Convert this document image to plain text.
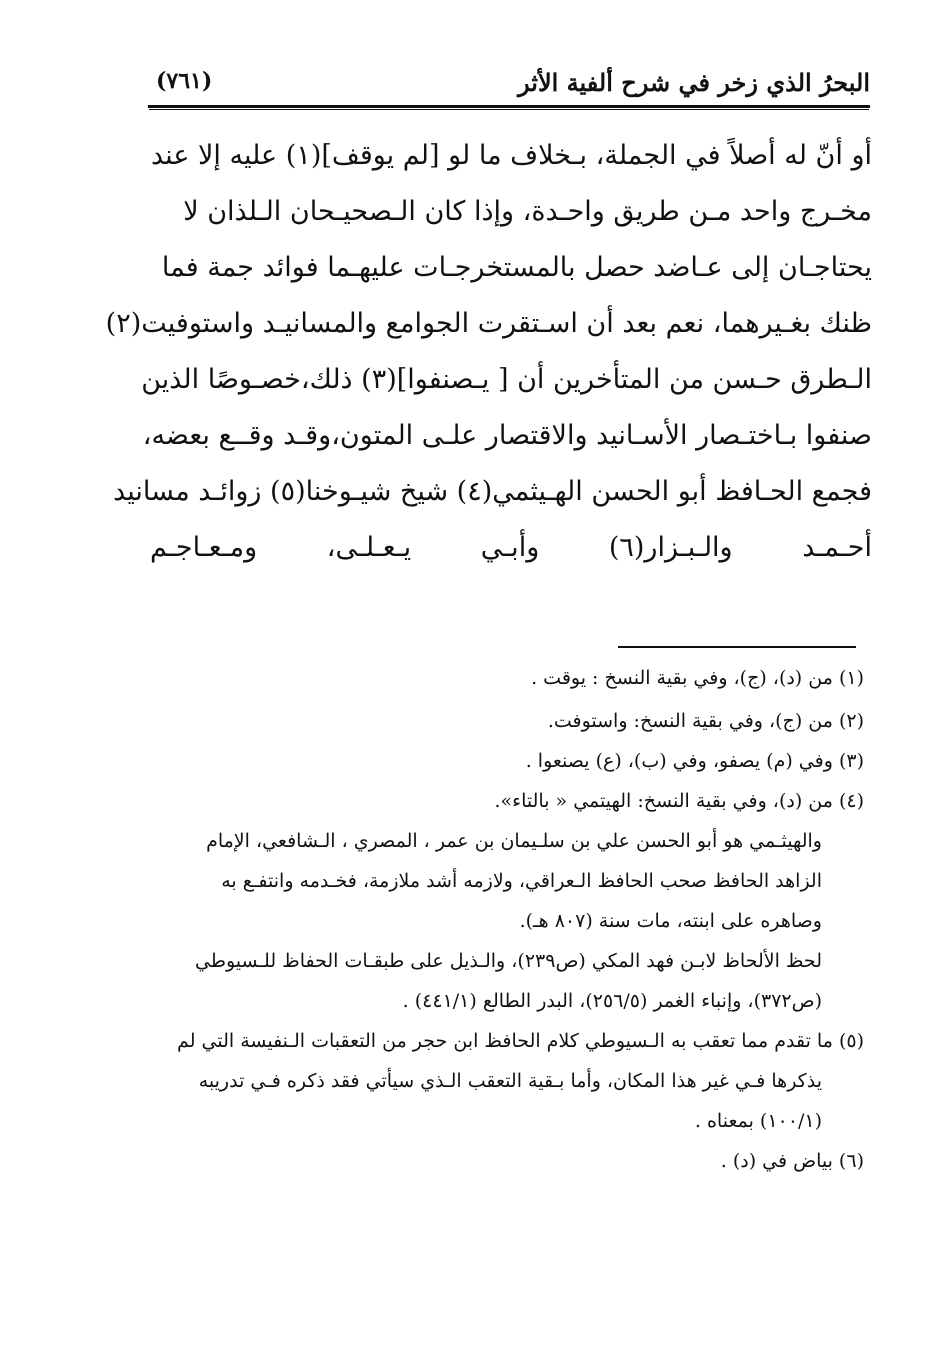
البحرُ الذي زخر في شرح ألفية الأثر
(٧٦١)
أو أنّ له أصلاً في الجملة، بـخلاف ما لو [لم يوقف](١) عليه إلا عند
مخـرج واحد مـن طريق واحـدة، وإذا كان الـصحيـحان الـلذان لا
يحتاجـان إلى عـاضد حصل بالمستخرجـات عليهـما فوائد جمة فما
ظنك بغـيرهما، نعم بعد أن اسـتقرت الجوامع والمسانيـد واستوفيت(٢)
الـطرق حـسن من المتأخرين أن [ يـصنفوا](٣) ذلك،خصـوصًا الذين
صنفوا بـاختـصار الأسـانيد والاقتصار علـى المتون،وقـد وقــع بعضه،
فجمع الحـافظ أبو الحسن الهـيثمي(٤) شيخ شيـوخنا(٥) زوائـد مسانيد
أحـمـد والـبـزار(٦) وأبـي يـعـلـى، ومـعـاجـم
(١) من (د)، (ج)، وفي بقية النسخ : يوقت .
(٢) من (ج)، وفي بقية النسخ: واستوفت.
(٣) وفي (م) يصفو، وفي (ب)، (ع) يصنعوا .
(٤) من (د)، وفي بقية النسخ: الهيتمي « بالتاء».
والهيثـمي هو أبو الحسن علي بن سلـيمان بن عمر ، المصري ، الـشافعي، الإمام
الزاهد الحافظ صحب الحافظ الـعراقي، ولازمه أشد ملازمة، فخـدمه وانتفـع به
وصاهره على ابنته، مات سنة (٨٠٧ هـ).
لحظ الألحاظ لابـن فهد المكي (ص٢٣٩)، والـذيل على طبقـات الحفاظ للـسيوطي
(ص٣٧٢)، وإنباء الغمر (٢٥٦/٥)، البدر الطالع (٤٤١/١) .
(٥) ما تقدم مما تعقب به الـسيوطي كلام الحافظ ابن حجر من التعقبات الـنفيسة التي لم
يذكرها فـي غير هذا المكان، وأما بـقية التعقب الـذي سيأتي فقد ذكره فـي تدريبه
(١٠٠/١) بمعناه .
(٦) بياض في (د) .
